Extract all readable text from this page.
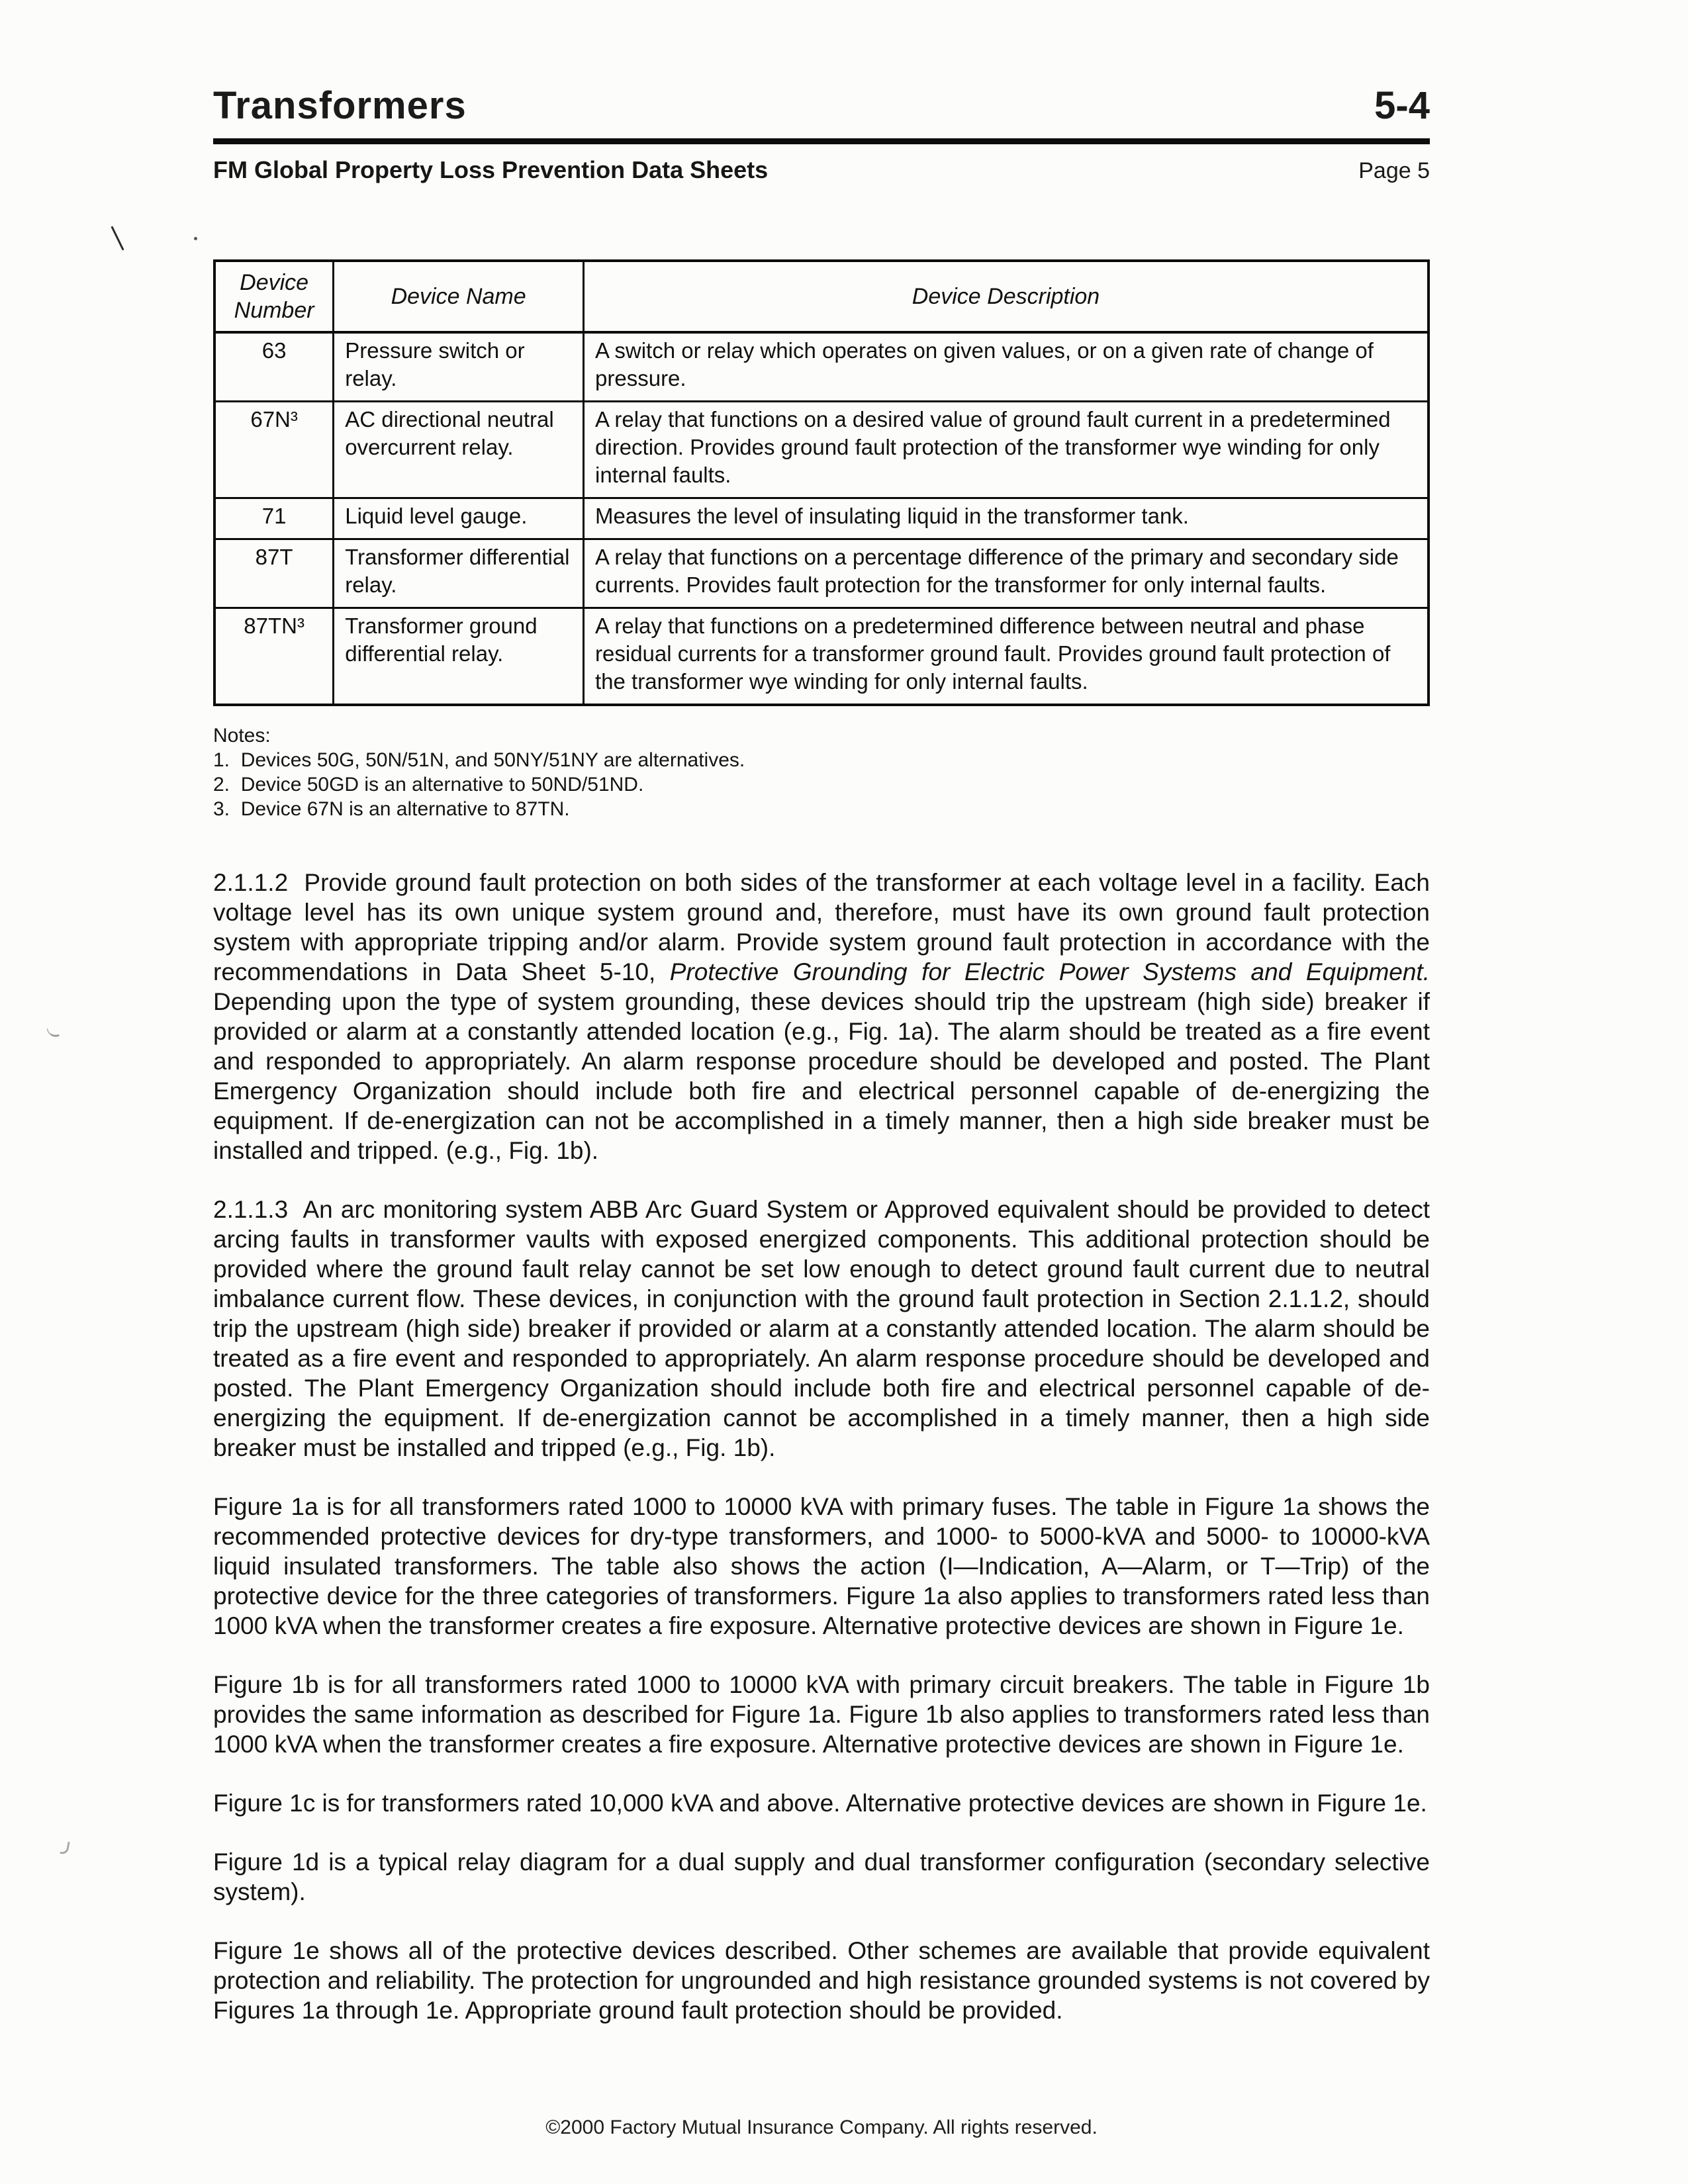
Transformers	5-4
FM Global Property Loss Prevention Data Sheets	Page 5
Device Number	Device Name	Device Description
63	Pressure switch or relay.	A switch or relay which operates on given values, or on a given rate of change of pressure.
67N³	AC directional neutral overcurrent relay.	A relay that functions on a desired value of ground fault current in a predetermined direction. Provides ground fault protection of the transformer wye winding for only internal faults.
71	Liquid level gauge.	Measures the level of insulating liquid in the transformer tank.
87T	Transformer differential relay.	A relay that functions on a percentage difference of the primary and secondary side currents. Provides fault protection for the transformer for only internal faults.
87TN³	Transformer ground differential relay.	A relay that functions on a predetermined difference between neutral and phase residual currents for a transformer ground fault. Provides ground fault protection of the transformer wye winding for only internal faults.
Notes:
1.  Devices 50G, 50N/51N, and 50NY/51NY are alternatives.
2.  Device 50GD is an alternative to 50ND/51ND.
3.  Device 67N is an alternative to 87TN.

2.1.1.2  Provide ground fault protection on both sides of the transformer at each voltage level in a facility. Each voltage level has its own unique system ground and, therefore, must have its own ground fault protection system with appropriate tripping and/or alarm. Provide system ground fault protection in accordance with the recommendations in Data Sheet 5-10, Protective Grounding for Electric Power Systems and Equipment. Depending upon the type of system grounding, these devices should trip the upstream (high side) breaker if provided or alarm at a constantly attended location (e.g., Fig. 1a). The alarm should be treated as a fire event and responded to appropriately. An alarm response procedure should be developed and posted. The Plant Emergency Organization should include both fire and electrical personnel capable of de-energizing the equipment. If de-energization can not be accomplished in a timely manner, then a high side breaker must be installed and tripped. (e.g., Fig. 1b).

2.1.1.3  An arc monitoring system ABB Arc Guard System or Approved equivalent should be provided to detect arcing faults in transformer vaults with exposed energized components. This additional protection should be provided where the ground fault relay cannot be set low enough to detect ground fault current due to neutral imbalance current flow. These devices, in conjunction with the ground fault protection in Section 2.1.1.2, should trip the upstream (high side) breaker if provided or alarm at a constantly attended location. The alarm should be treated as a fire event and responded to appropriately. An alarm response procedure should be developed and posted. The Plant Emergency Organization should include both fire and electrical personnel capable of de-energizing the equipment. If de-energization cannot be accomplished in a timely manner, then a high side breaker must be installed and tripped (e.g., Fig. 1b).

Figure 1a is for all transformers rated 1000 to 10000 kVA with primary fuses. The table in Figure 1a shows the recommended protective devices for dry-type transformers, and 1000- to 5000-kVA and 5000- to 10000-kVA liquid insulated transformers. The table also shows the action (I—Indication, A—Alarm, or T—Trip) of the protective device for the three categories of transformers. Figure 1a also applies to transformers rated less than 1000 kVA when the transformer creates a fire exposure. Alternative protective devices are shown in Figure 1e.

Figure 1b is for all transformers rated 1000 to 10000 kVA with primary circuit breakers. The table in Figure 1b provides the same information as described for Figure 1a. Figure 1b also applies to transformers rated less than 1000 kVA when the transformer creates a fire exposure. Alternative protective devices are shown in Figure 1e.

Figure 1c is for transformers rated 10,000 kVA and above. Alternative protective devices are shown in Figure 1e.

Figure 1d is a typical relay diagram for a dual supply and dual transformer configuration (secondary selective system).

Figure 1e shows all of the protective devices described. Other schemes are available that provide equivalent protection and reliability. The protection for ungrounded and high resistance grounded systems is not covered by Figures 1a through 1e. Appropriate ground fault protection should be provided.

©2000 Factory Mutual Insurance Company. All rights reserved.
